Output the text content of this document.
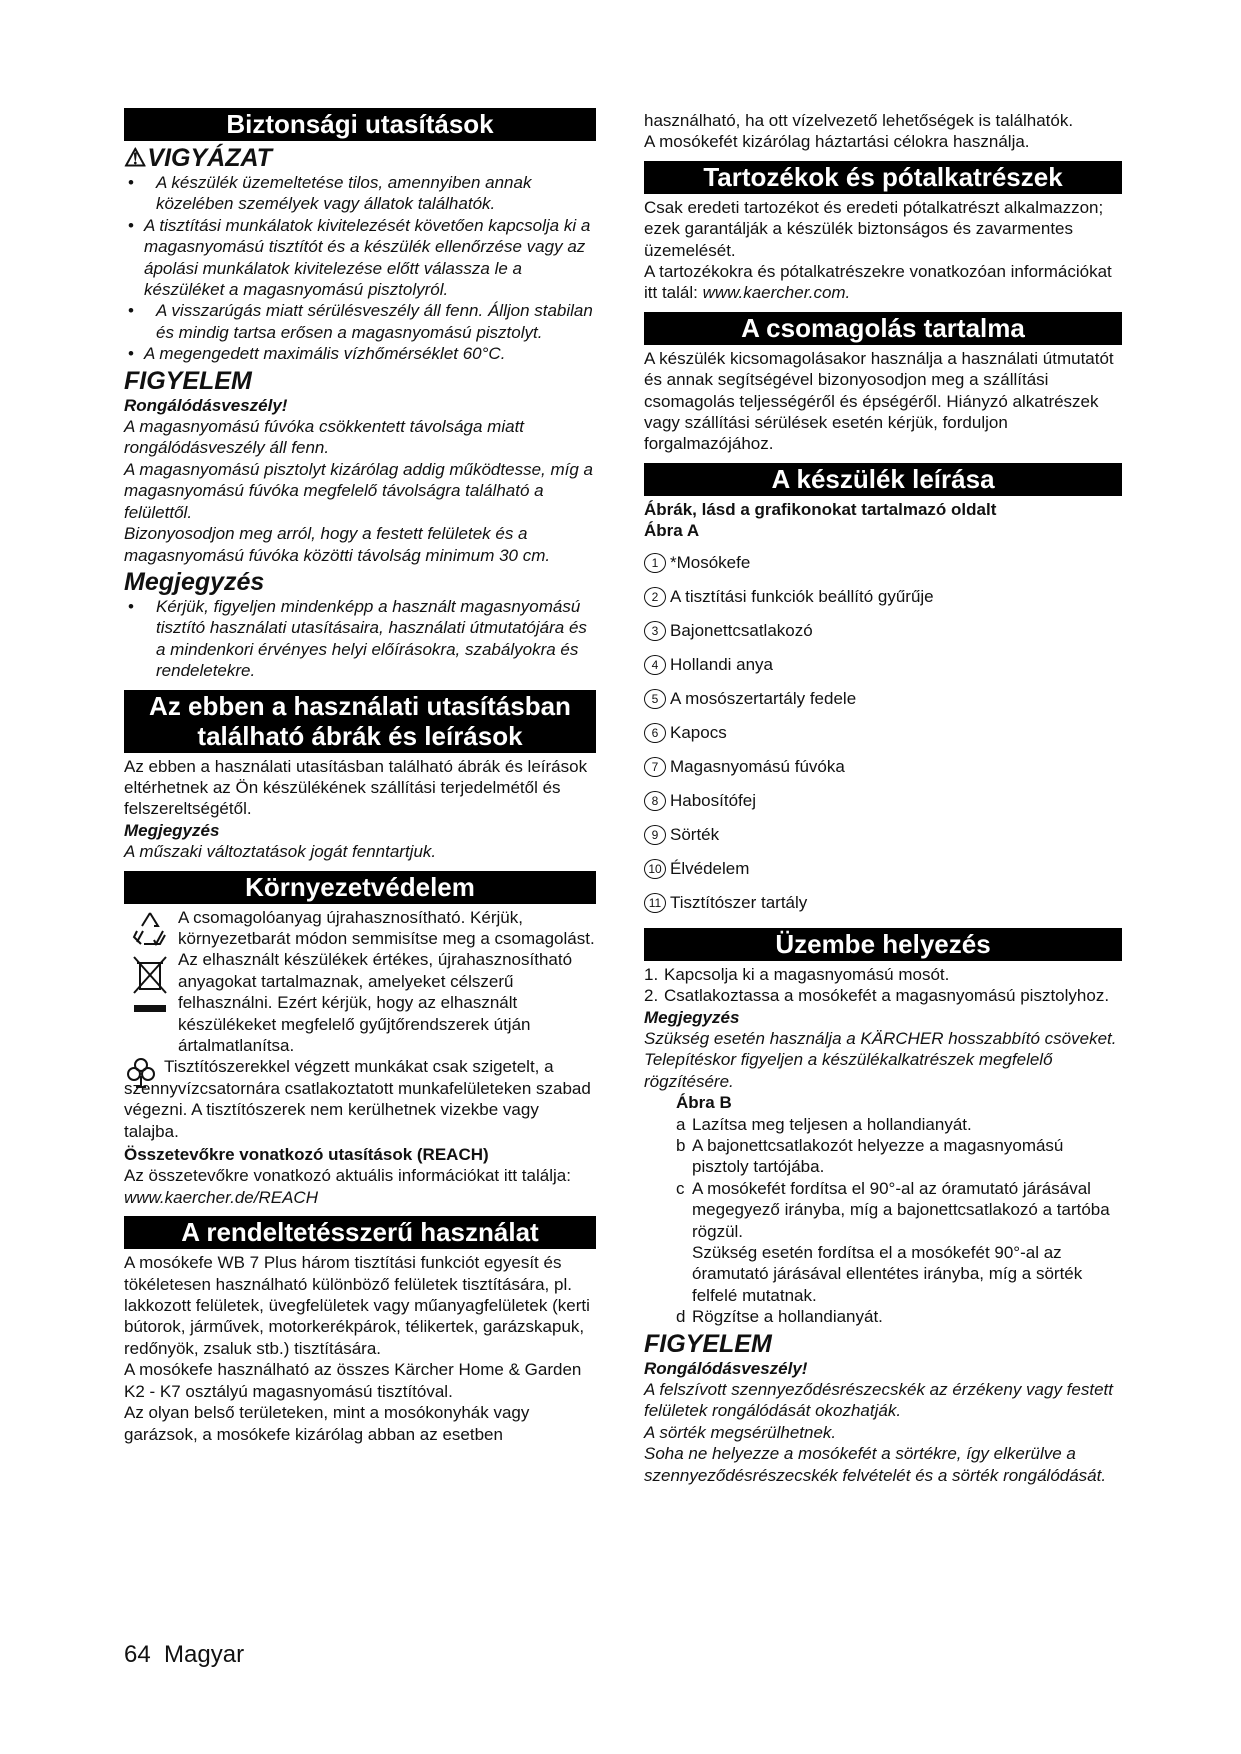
Biztonsági utasítások
⚠VIGYÁZAT
• A készülék üzemeltetése tilos, amennyiben annak közelében személyek vagy állatok találhatók.
• A tisztítási munkálatok kivitelezését követően kapcsolja ki a magasnyomású tisztítót és a készülék ellenőrzése vagy az ápolási munkálatok kivitelezése előtt válassza le a készüléket a magasnyomású pisztolyról.
• A visszarúgás miatt sérülésveszély áll fenn. Álljon stabilan és mindig tartsa erősen a magasnyomású pisztolyt.
• A megengedett maximális vízhőmérséklet 60°C.
FIGYELEM

Rongálódásveszély!

A magasnyomású fúvóka csökkentett távolsága miatt rongálódásveszély áll fenn.

A magasnyomású pisztolyt kizárólag addig működtesse, míg a magasnyomású fúvóka megfelelő távolságra található a felülettől.

Bizonyosodjon meg arról, hogy a festett felületek és a magasnyomású fúvóka közötti távolság minimum 30 cm.

Megjegyzés
• Kérjük, figyeljen mindenképp a használt magasnyomású tisztító használati utasításaira, használati útmutatójára és a mindenkori érvényes helyi előírásokra, szabályokra és rendeletekre.
Az ebben a használati utasításban
található ábrák és leírások

Az ebben a használati utasításban található ábrák és leírások eltérhetnek az Ön készülékének szállítási terjedelmétől és felszereltségétől.

Megjegyzés

A műszaki változtatások jogát fenntartjuk.

Környezetvédelem

A csomagolóanyag újrahasznosítható. Kérjük, környezetbarát módon semmisítse meg a csomagolást.

Az elhasznált készülékek értékes, újrahasznosítható anyagokat tartalmaznak, amelyeket célszerű felhasználni. Ezért kérjük, hogy az elhasznált készülékeket megfelelő gyűjtőrendszerek útján ártalmatlanítsa.

Tisztítószerekkel végzett munkákat csak szigetelt, a szennyvízcsatornára csatlakoztatott munkafelületeken szabad végezni. A tisztítószerek nem kerülhetnek vizekbe vagy talajba.

Összetevőkre vonatkozó utasítások (REACH)

Az összetevőkre vonatkozó aktuális információkat itt találja: www.kaercher.de/REACH

A rendeltetésszerű használat

A mosókefe WB 7 Plus három tisztítási funkciót egyesít és tökéletesen használható különböző felületek tisztítására, pl. lakkozott felületek, üvegfelületek vagy műanyagfelületek (kerti bútorok, járművek, motorkerékpárok, télikertek, garázskapuk, redőnyök, zsaluk stb.) tisztítására.

A mosókefe használható az összes Kärcher Home & Garden K2 - K7 osztályú magasnyomású tisztítóval.

Az olyan belső területeken, mint a mosókonyhák vagy garázsok, a mosókefe kizárólag abban az esetben

használható, ha ott vízelvezető lehetőségek is találhatók.

A mosókefét kizárólag háztartási célokra használja.

Tartozékok és pótalkatrészek

Csak eredeti tartozékot és eredeti pótalkatrészt alkalmazzon; ezek garantálják a készülék biztonságos és zavarmentes üzemelését.

A tartozékokra és pótalkatrészekre vonatkozóan információkat itt talál: www.kaercher.com.

A csomagolás tartalma

A készülék kicsomagolásakor használja a használati útmutatót és annak segítségével bizonyosodjon meg a szállítási csomagolás teljességéről és épségéről. Hiányzó alkatrészek vagy szállítási sérülések esetén kérjük, forduljon forgalmazójához.

A készülék leírása

Ábrák, lásd a grafikonokat tartalmazó oldalt

Ábra A

1 *Mosókefe
2 A tisztítási funkciók beállító gyűrűje
3 Bajonettcsatlakozó
4 Hollandi anya
5 A mosószertartály fedele
6 Kapocs
7 Magasnyomású fúvóka
8 Habosítófej
9 Sörték
10 Élvédelem
11 Tisztítószer tartály
Üzembe helyezés
1. Kapcsolja ki a magasnyomású mosót.
2. Csatlakoztassa a mosókefét a magasnyomású pisztolyhoz.

Megjegyzés

Szükség esetén használja a KÄRCHER hosszabbító csöveket.

Telepítéskor figyeljen a készülékalkatrészek megfelelő rögzítésére.

Ábra B

a Lazítsa meg teljesen a hollandianyát.
b A bajonettcsatlakozót helyezze a magasnyomású pisztoly tartójába.
c A mosókefét fordítsa el 90°-al az óramutató járásával megegyező irányba, míg a bajonettcsatlakozó a tartóba rögzül.
Szükség esetén fordítsa el a mosókefét 90°-al az óramutató járásával ellentétes irányba, míg a sörték felfelé mutatnak.
d Rögzítse a hollandianyát.
FIGYELEM

Rongálódásveszély!

A felszívott szennyeződésrészecskék az érzékeny vagy festett felületek rongálódását okozhatják.

A sörték megsérülhetnek.

Soha ne helyezze a mosókefét a sörtékre, így elkerülve a szennyeződésrészecskék felvételét és a sörték rongálódását.

64 Magyar
